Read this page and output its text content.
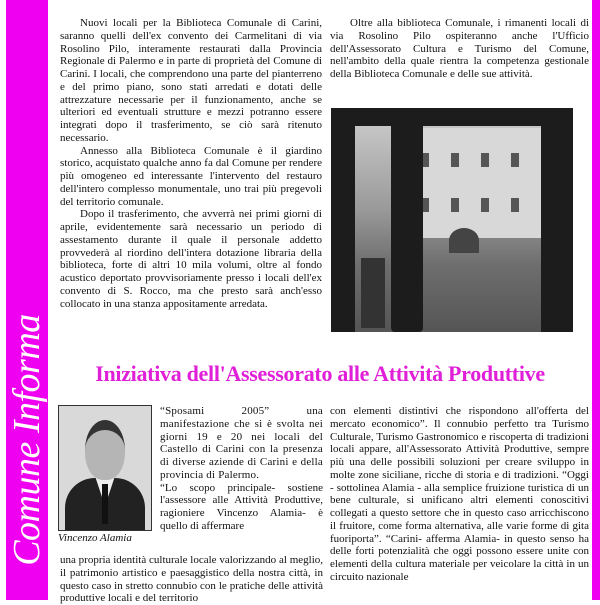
Comune Informa

Nuovi locali per la Biblioteca Comunale di Carini, saranno quelli dell'ex convento dei Carmelitani di via Rosolino Pilo, interamente restaurati dalla Provincia Regionale di Palermo e in parte di proprietà del Comune di Carini. I locali, che comprendono una parte del pianterreno e del primo piano, sono stati arredati e dotati delle attrezzature necessarie per il funzionamento, anche se ulteriori ed eventuali strutture e mezzi potranno essere integrati dopo il trasferimento, se ciò sarà ritenuto necessario.

Annesso alla Biblioteca Comunale è il giardino storico, acquistato qualche anno fa dal Comune per rendere più omogeneo ed interessante l'intervento del restauro dell'intero complesso monumentale, uno trai più pregevoli del territorio comunale.

Dopo il trasferimento, che avverrà nei primi giorni di aprile, evidentemente sarà necessario un periodo di assestamento durante il quale il personale addetto provvederà al riordino dell'intera dotazione libraria della biblioteca, forte di altri 10 mila volumi, oltre al fondo acustico deportato provvisoriamente presso i locali dell'ex convento di S. Rocco, ma che presto sarà anch'esso collocato in una stanza appositamente arredata.

Oltre alla biblioteca Comunale, i rimanenti locali di via Rosolino Pilo ospiteranno anche l'Ufficio dell'Assessorato Cultura e Turismo del Comune, nell'ambito della quale rientra la competenza gestionale della Biblioteca Comunale e delle sue attività.

Iniziativa dell'Assessorato alle Attività Produttive
Vincenzo Alamia

“Sposami 2005” una manifestazione che si è svolta nei giorni 19 e 20 nei locali del Castello di Carini con la presenza di diverse aziende di Carini e della provincia di Palermo.

“Lo scopo principale- sostiene l'assessore alle Attività Produttive, ragioniere Vincenzo Alamia- è quello di affermare

una propria identità culturale locale valorizzando al meglio, il patrimonio artistico e paesaggistico della nostra città, in questo caso in stretto connubio con le pratiche delle attività produttive locali e del territorio

con elementi distintivi che rispondono all'offerta del mercato economico”. Il connubio perfetto tra Turismo Culturale, Turismo Gastronomico e riscoperta di tradizioni locali appare, all'Assessorato Attività Produttive, sempre più una delle possibili soluzioni per creare sviluppo in molte zone siciliane, ricche di storia e di tradizioni. “Oggi - sottolinea Alamia - alla semplice fruizione turistica di un bene culturale, si unificano altri elementi conoscitivi collegati a questo settore che in questo caso arricchiscono il fruitore, come forma alternativa, alle varie forme di gita fuoriporta”. “Carini- afferma Alamia- in questo senso ha delle forti potenzialità che oggi possono essere unite con elementi della cultura materiale per veicolare la città in un circuito nazionale
